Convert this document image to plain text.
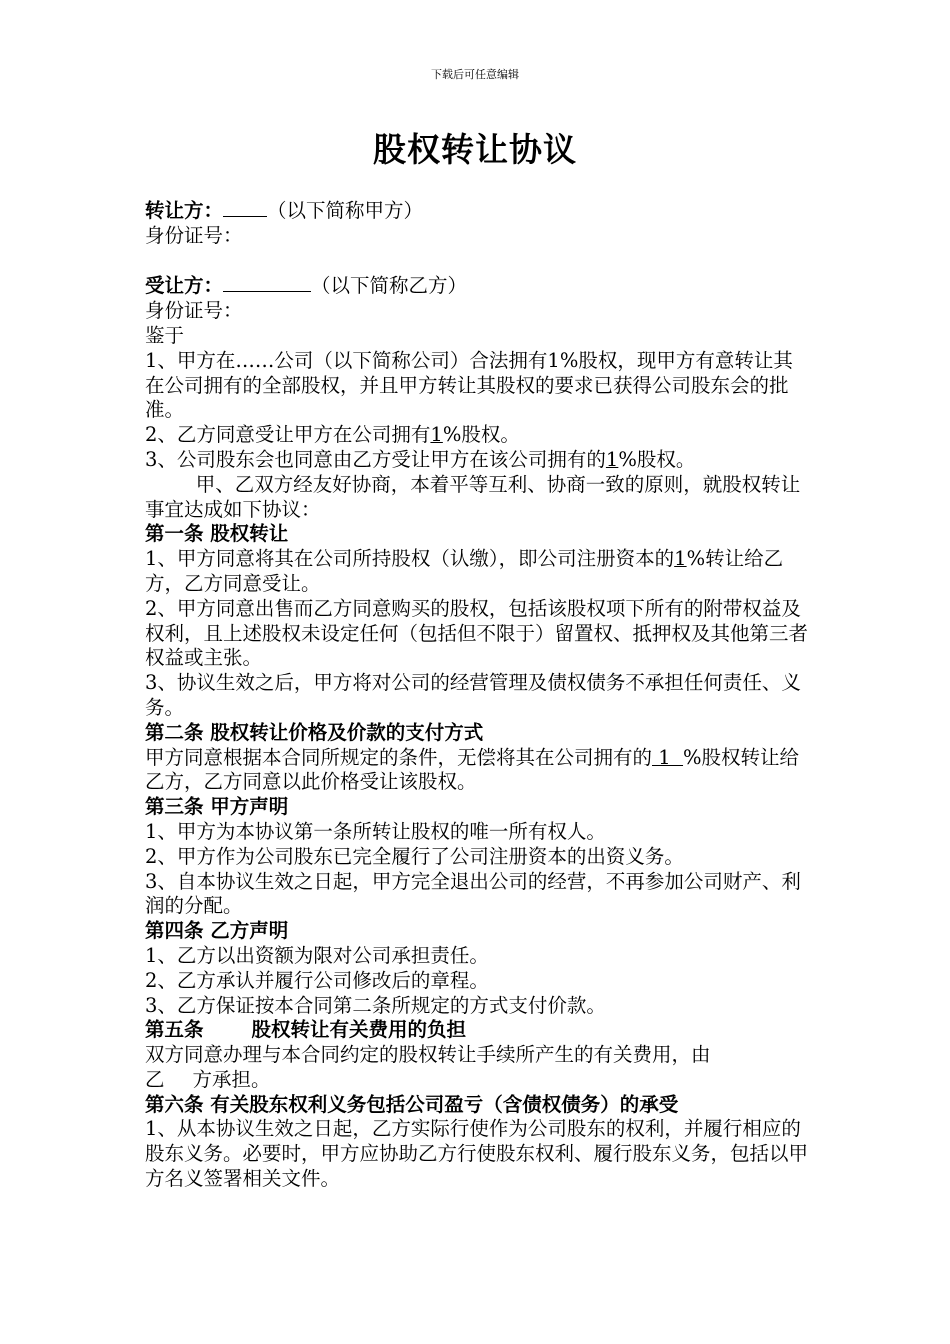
下载后可任意编辑
股权转让协议

转让方： （以下简称甲方）

身份证号：

受让方：	（以下简称乙方）

身份证号：

鉴于

1、甲方在……公司（以下简称公司）合法拥有1%股权，现甲方有意转让其在公司拥有的全部股权，并且甲方转让其股权的要求已获得公司股东会的批准。

2、乙方同意受让甲方在公司拥有1%股权。

3、公司股东会也同意由乙方受让甲方在该公司拥有的1%股权。

甲、乙双方经友好协商，本着平等互利、协商一致的原则，就股权转让事宜达成如下协议：

第一条 股权转让

1、甲方同意将其在公司所持股权（认缴），即公司注册资本的1%转让给乙方，乙方同意受让。

2、甲方同意出售而乙方同意购买的股权，包括该股权项下所有的附带权益及权利，且上述股权未设定任何（包括但不限于）留置权、抵押权及其他第三者权益或主张。

3、协议生效之后，甲方将对公司的经营管理及债权债务不承担任何责任、义务。

第二条 股权转让价格及价款的支付方式

甲方同意根据本合同所规定的条件，无偿将其在公司拥有的 1  %股权转让给乙方，乙方同意以此价格受让该股权。

第三条 甲方声明

1、甲方为本协议第一条所转让股权的唯一所有权人。

2、甲方作为公司股东已完全履行了公司注册资本的出资义务。

3、自本协议生效之日起，甲方完全退出公司的经营，不再参加公司财产、利润的分配。

第四条 乙方声明

1、乙方以出资额为限对公司承担责任。

2、乙方承认并履行公司修改后的章程。

3、乙方保证按本合同第二条所规定的方式支付价款。

第五条 股权转让有关费用的负担

双方同意办理与本合同约定的股权转让手续所产生的有关费用，由

乙 方承担。

第六条 有关股东权利义务包括公司盈亏（含债权债务）的承受

1、从本协议生效之日起，乙方实际行使作为公司股东的权利，并履行相应的股东义务。必要时，甲方应协助乙方行使股东权利、履行股东义务，包括以甲方名义签署相关文件。
